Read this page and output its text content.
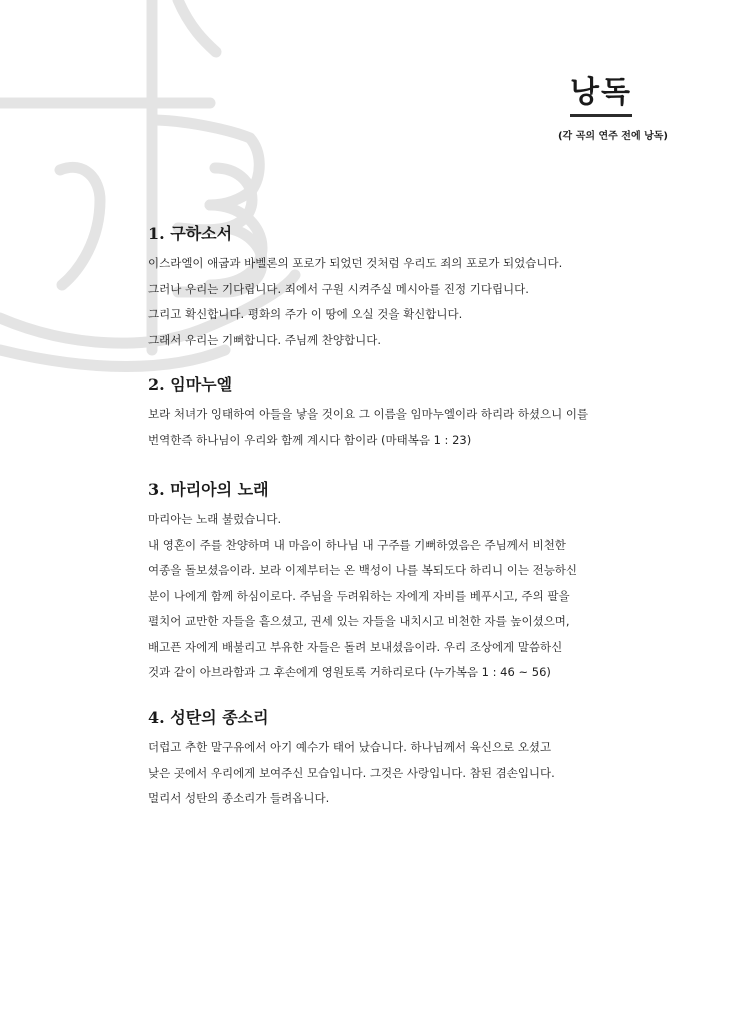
낭독
(각 곡의 연주 전에 낭독)
1. 구하소서
이스라엘이 애굽과 바벨론의 포로가 되었던 것처럼 우리도 죄의 포로가 되었습니다.
그러나 우리는 기다립니다. 죄에서 구원 시켜주실 메시아를 진정 기다립니다.
그리고 확신합니다. 평화의 주가 이 땅에 오실 것을 확신합니다.
그래서 우리는 기뻐합니다. 주님께 찬양합니다.
2. 임마누엘
보라 처녀가 잉태하여 아들을 낳을 것이요 그 이름을 임마누엘이라 하리라 하셨으니 이를
번역한즉 하나님이 우리와 함께 계시다 함이라 (마태복음 1 : 23)
3. 마리아의 노래
마리아는 노래 불렀습니다.
내 영혼이 주를 찬양하며 내 마음이 하나님 내 구주를 기뻐하였음은 주님께서 비천한
여종을 돌보셨음이라. 보라 이제부터는 온 백성이 나를 복되도다 하리니 이는 전능하신
분이 나에게 함께 하심이로다. 주님을 두려워하는 자에게 자비를 베푸시고, 주의 팔을
펼치어 교만한 자들을 흩으셨고, 권세 있는 자들을 내치시고 비천한 자를 높이셨으며,
배고픈 자에게 배불리고 부유한 자들은 돌려 보내셨음이라. 우리 조상에게 말씀하신
것과 같이 아브라함과 그 후손에게 영원토록 거하리로다 (누가복음 1 : 46 ~ 56)
4. 성탄의 종소리
더럽고 추한 말구유에서 아기 예수가 태어 났습니다. 하나님께서 육신으로 오셨고
낮은 곳에서 우리에게 보여주신 모습입니다. 그것은 사랑입니다. 참된 겸손입니다.
멀리서 성탄의 종소리가 들려옵니다.
